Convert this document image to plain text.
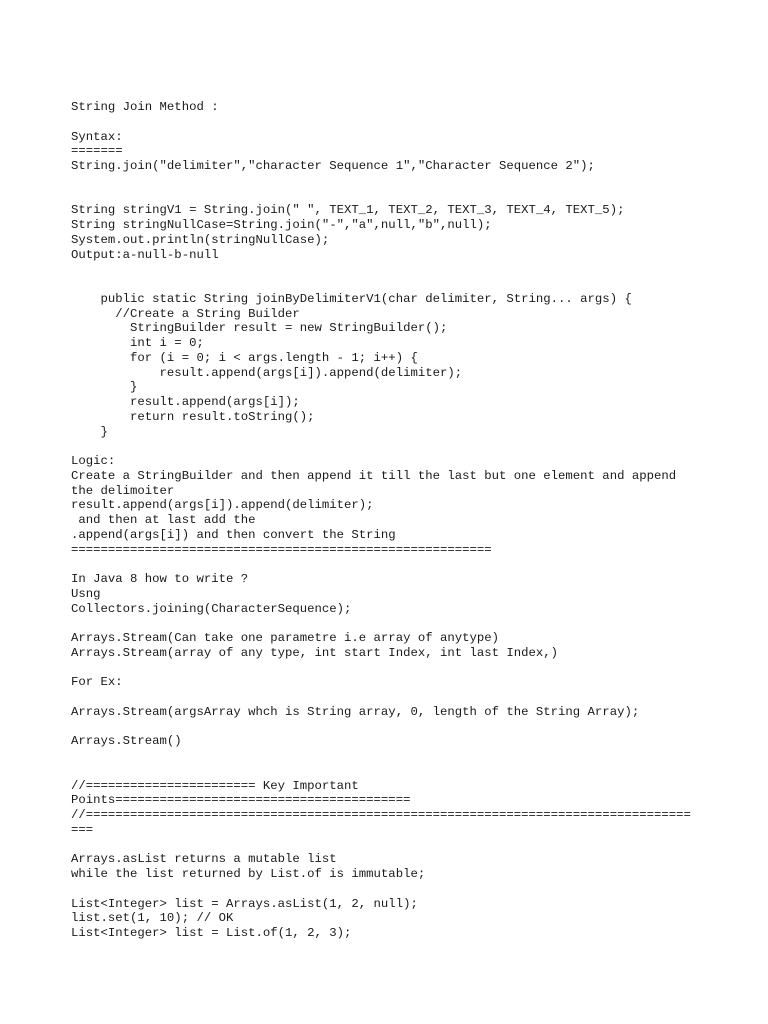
String Join Method :
Syntax:
=======
String.join("delimiter","character Sequence 1","Character Sequence 2");
String stringV1 = String.join(" ", TEXT_1, TEXT_2, TEXT_3, TEXT_4, TEXT_5);
String stringNullCase=String.join("-","a",null,"b",null);
System.out.println(stringNullCase);
Output:a-null-b-null
public static String joinByDelimiterV1(char delimiter, String... args) {
//Create a String Builder
StringBuilder result = new StringBuilder();
int i = 0;
for (i = 0; i < args.length - 1; i++) {
result.append(args[i]).append(delimiter);
}
result.append(args[i]);
return result.toString();
}
Logic:
Create a StringBuilder and then append it till the last but one element and append
the delimoiter
result.append(args[i]).append(delimiter);
and then at last add the
.append(args[i]) and then convert the String
=========================================================
In Java 8 how to write ?
Usng
Collectors.joining(CharacterSequence);
Arrays.Stream(Can take one parametre i.e array of anytype)
Arrays.Stream(array of any type, int start Index, int last Index,)
For Ex:
Arrays.Stream(argsArray whch is String array, 0, length of the String Array);
Arrays.Stream()
//======================= Key Important
Points========================================
//==================================================================================
===
Arrays.asList returns a mutable list
while the list returned by List.of is immutable;
List<Integer> list = Arrays.asList(1, 2, null);
list.set(1, 10); // OK
List<Integer> list = List.of(1, 2, 3);
